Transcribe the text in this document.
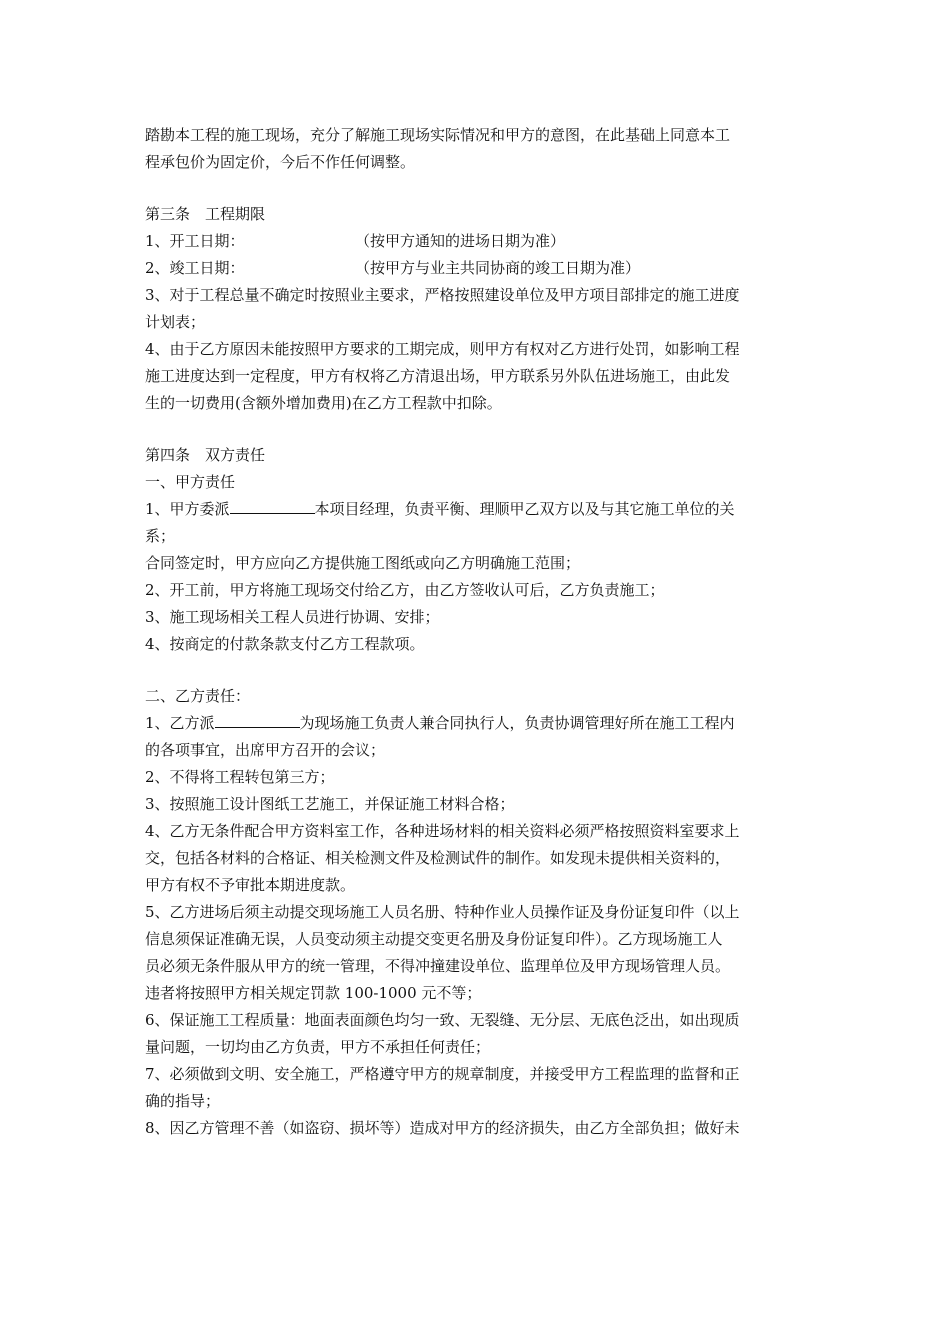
踏勘本工程的施工现场，充分了解施工现场实际情况和甲方的意图，在此基础上同意本工
程承包价为固定价，今后不作任何调整。
第三条　工程期限
1、开工日期：	（按甲方通知的进场日期为准）
2、竣工日期：	（按甲方与业主共同协商的竣工日期为准）
3、对于工程总量不确定时按照业主要求，严格按照建设单位及甲方项目部排定的施工进度
计划表；
4、由于乙方原因未能按照甲方要求的工期完成，则甲方有权对乙方进行处罚，如影响工程
施工进度达到一定程度，甲方有权将乙方清退出场，甲方联系另外队伍进场施工，由此发
生的一切费用(含额外增加费用)在乙方工程款中扣除。
第四条　双方责任
一、甲方责任
1、甲方委派	本项目经理，负责平衡、理顺甲乙双方以及与其它施工单位的关
系；
合同签定时，甲方应向乙方提供施工图纸或向乙方明确施工范围；
2、开工前，甲方将施工现场交付给乙方，由乙方签收认可后，乙方负责施工；
3、施工现场相关工程人员进行协调、安排；
4、按商定的付款条款支付乙方工程款项。
二、乙方责任：
1、乙方派	为现场施工负责人兼合同执行人，负责协调管理好所在施工工程内
的各项事宜，出席甲方召开的会议；
2、不得将工程转包第三方；
3、按照施工设计图纸工艺施工，并保证施工材料合格；
4、乙方无条件配合甲方资料室工作，各种进场材料的相关资料必须严格按照资料室要求上
交，包括各材料的合格证、相关检测文件及检测试件的制作。如发现未提供相关资料的，
甲方有权不予审批本期进度款。
5、乙方进场后须主动提交现场施工人员名册、特种作业人员操作证及身份证复印件（以上
信息须保证准确无误，人员变动须主动提交变更名册及身份证复印件）。乙方现场施工人
员必须无条件服从甲方的统一管理，不得冲撞建设单位、监理单位及甲方现场管理人员。
违者将按照甲方相关规定罚款 100-1000 元不等；
6、保证施工工程质量：地面表面颜色均匀一致、无裂缝、无分层、无底色泛出，如出现质
量问题，一切均由乙方负责，甲方不承担任何责任；
7、必须做到文明、安全施工，严格遵守甲方的规章制度，并接受甲方工程监理的监督和正
确的指导；
8、因乙方管理不善（如盗窃、损坏等）造成对甲方的经济损失，由乙方全部负担；做好未
